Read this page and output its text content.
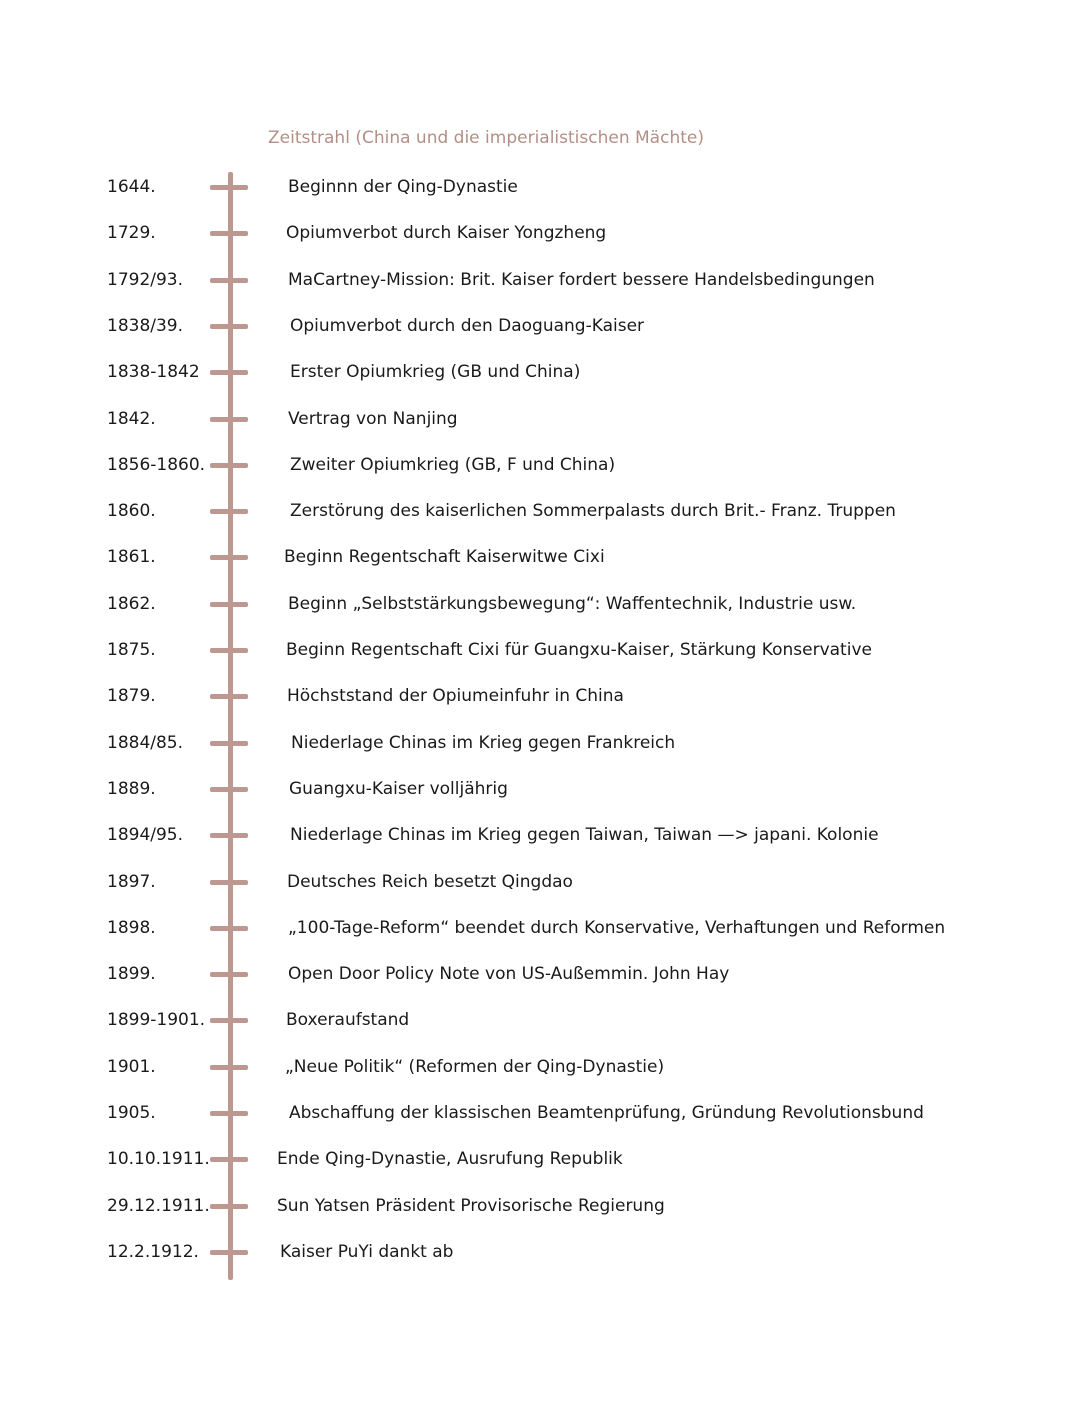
Zeitstrahl (China und die imperialistischen Mächte)
1644.	Beginnn der Qing-Dynastie
1729.	Opiumverbot durch Kaiser Yongzheng
1792/93.	MaCartney-Mission: Brit. Kaiser fordert bessere Handelsbedingungen
1838/39.	Opiumverbot durch den Daoguang-Kaiser
1838-1842	Erster Opiumkrieg (GB und China)
1842.	Vertrag von Nanjing
1856-1860.	Zweiter Opiumkrieg (GB, F und China)
1860.	Zerstörung des kaiserlichen Sommerpalasts durch Brit.- Franz. Truppen
1861.	Beginn Regentschaft Kaiserwitwe Cixi
1862.	Beginn „Selbststärkungsbewegung“: Waffentechnik, Industrie usw.
1875.	Beginn Regentschaft Cixi für Guangxu-Kaiser, Stärkung Konservative
1879.	Höchststand der Opiumeinfuhr in China
1884/85.	Niederlage Chinas im Krieg gegen Frankreich
1889.	Guangxu-Kaiser volljährig
1894/95.	Niederlage Chinas im Krieg gegen Taiwan, Taiwan —> japani. Kolonie
1897.	Deutsches Reich besetzt Qingdao
1898.	„100-Tage-Reform“ beendet durch Konservative, Verhaftungen und Reformen
1899.	Open Door Policy Note von US-Außemmin. John Hay
1899-1901.	Boxeraufstand
1901.	„Neue Politik“ (Reformen der Qing-Dynastie)
1905.	Abschaffung der klassischen Beamtenprüfung, Gründung Revolutionsbund
10.10.1911.	Ende Qing-Dynastie, Ausrufung Republik
29.12.1911.	Sun Yatsen Präsident Provisorische Regierung
12.2.1912.	Kaiser PuYi dankt ab
